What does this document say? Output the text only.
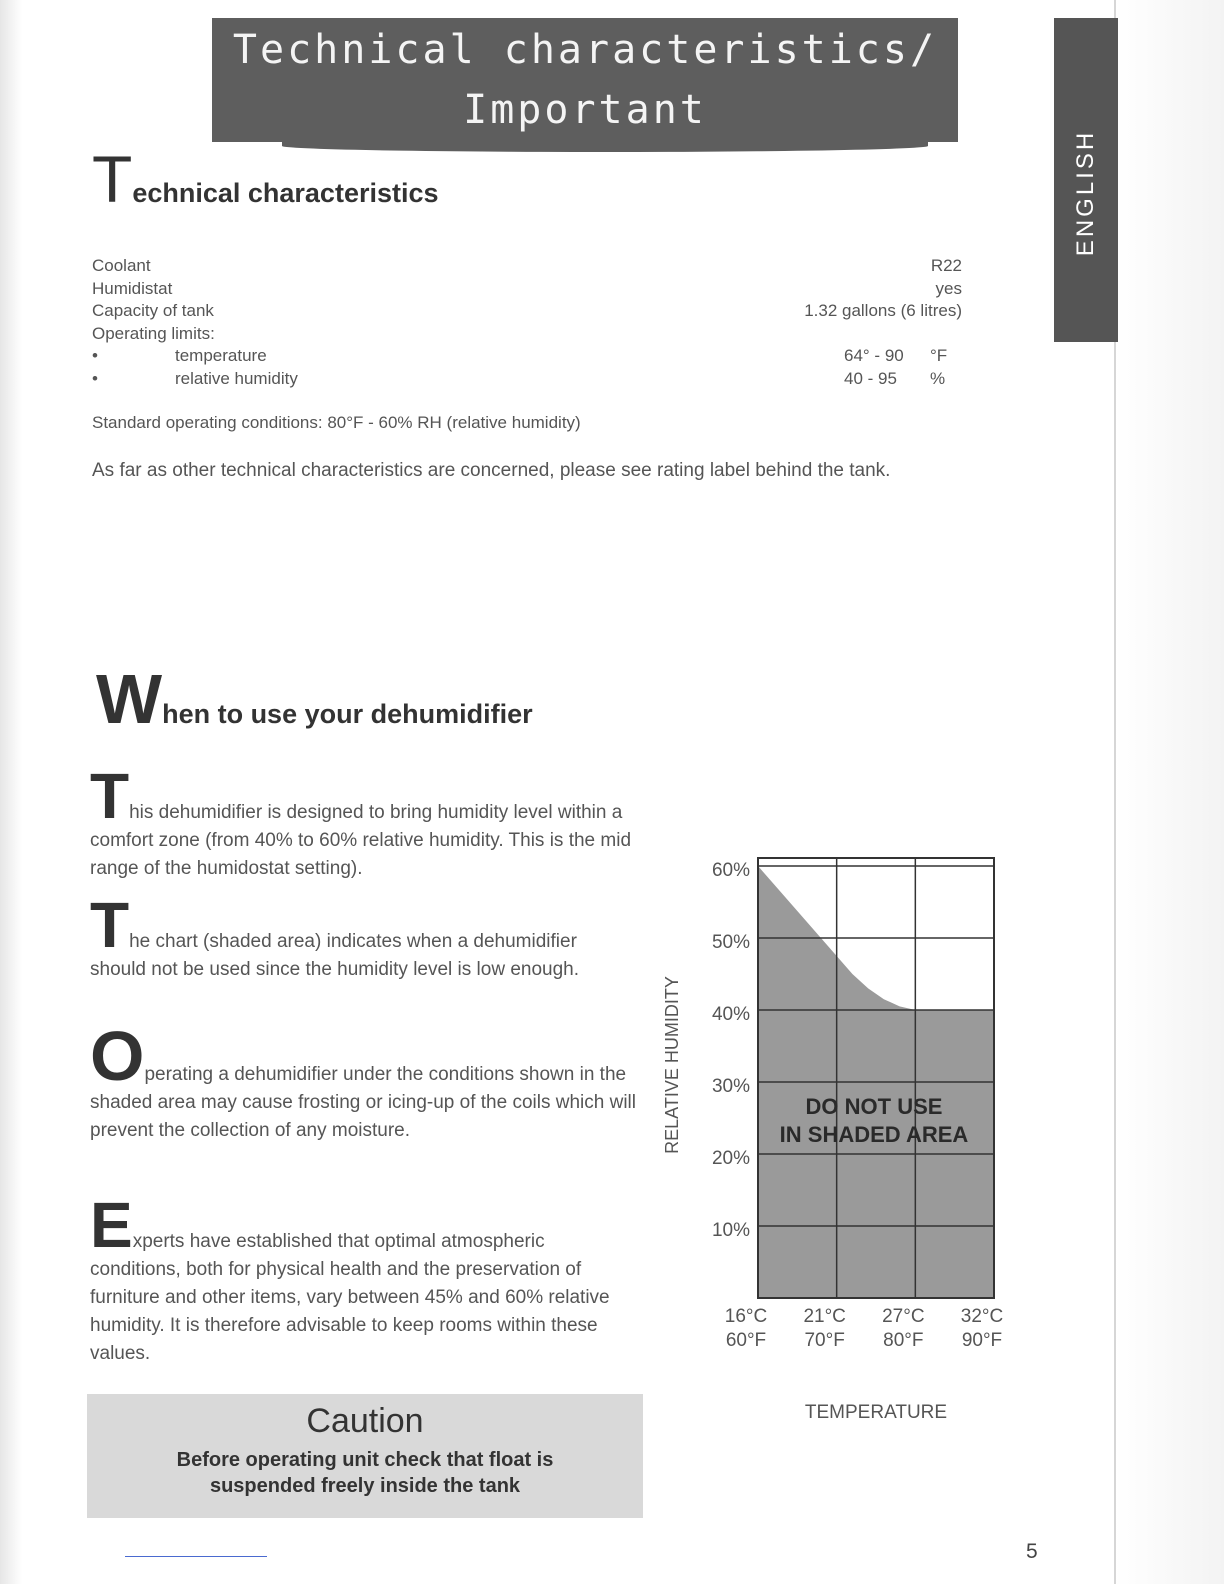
Technical characteristics/
Important
ENGLISH
Technical characteristics
Coolant	R22
Humidistat	yes
Capacity of tank	1.32 gallons (6 litres)
Operating limits:
•	temperature	64° - 90 °F
•	relative humidity	40 - 95 %
Standard operating conditions: 80°F - 60% RH (relative humidity)
As far as other technical characteristics are concerned, please see rating label behind the tank.
When to use your dehumidifier
This dehumidifier is designed to bring humidity level within a comfort zone (from 40% to 60% relative humidity. This is the mid range of the humidostat setting).
The chart (shaded area) indicates when a dehumidifier should not be used since the humidity level is low enough.
Operating a dehumidifier under the conditions shown in the shaded area may cause frosting or icing-up of the coils which will prevent the collection of any moisture.
Experts have established that optimal atmospheric conditions, both for physical health and the preservation of furniture and other items, vary between 45% and 60% relative humidity. It is therefore advisable to keep rooms within these values.
Caution
Before operating unit check that float is suspended freely inside the tank
DO NOT USE
IN SHADED AREA
RELATIVE HUMIDITY
TEMPERATURE
60%
50%
40%
30%
20%
10%
16°C
60°F
21°C
70°F
27°C
80°F
32°C
90°F
5
